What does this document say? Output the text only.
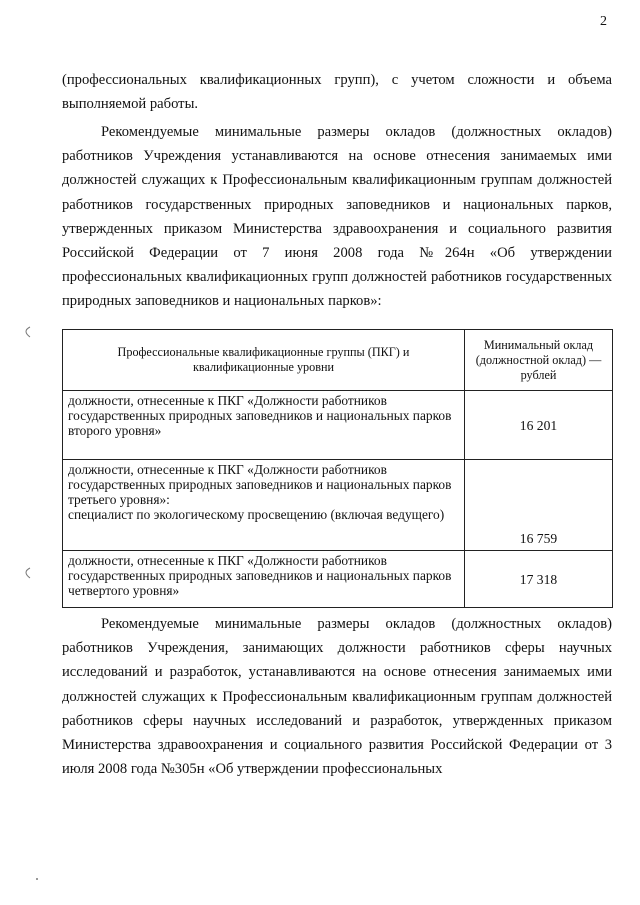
2

(профессиональных квалификационных групп), с учетом сложности и объема выполняемой работы.

Рекомендуемые минимальные размеры окладов (должностных окладов) работников Учреждения устанавливаются на основе отнесения занимаемых ими должностей служащих к Профессиональным квалификационным группам должностей работников государственных природных заповедников и национальных парков, утвержденных приказом Министерства здравоохранения и социального развития Российской Федерации от 7 июня 2008 года №264н «Об утверждении профессиональных квалификационных групп должностей работников государственных природных заповедников и национальных парков»:

Профессиональные квалификационные группы (ПКГ) и квалификационные уровни	Минимальный оклад (должностной оклад) — рублей

должности, отнесенные к ПКГ «Должности работников государственных природных заповедников и национальных парков второго уровня»	16 201

должности, отнесенные к ПКГ «Должности работников государственных природных заповедников и национальных парков третьего уровня»:
специалист по экологическому просвещению (включая ведущего)	16 759

должности, отнесенные к ПКГ «Должности работников государственных природных заповедников и национальных парков четвертого уровня»	17 318

Рекомендуемые минимальные размеры окладов (должностных окладов) работников Учреждения, занимающих должности работников сферы научных исследований и разработок, устанавливаются на основе отнесения занимаемых ими должностей служащих к Профессиональным квалификационным группам должностей работников сферы научных исследований и разработок, утвержденных приказом Министерства здравоохранения и социального развития Российской Федерации от 3 июля 2008 года №305н «Об утверждении профессиональных
